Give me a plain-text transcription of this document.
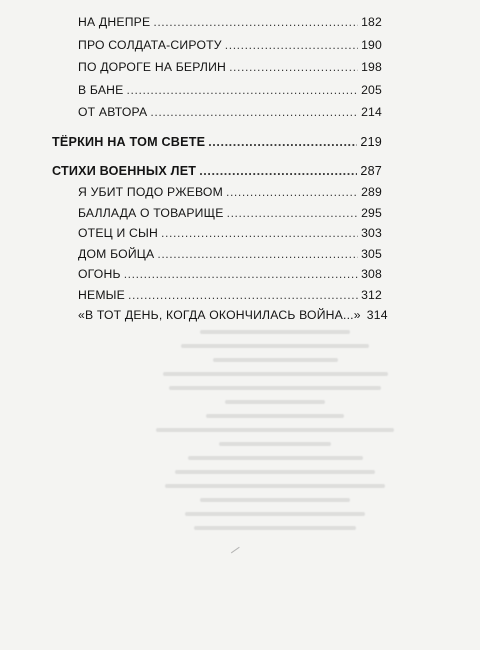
НА ДНЕПРЕ .....	182
ПРО СОЛДАТА-СИРОТУ .....	190
ПО ДОРОГЕ НА БЕРЛИН .....	198
В БАНЕ .....	205
ОТ АВТОРА .....	214
ТЁРКИН НА ТОМ СВЕТЕ .....	219
СТИХИ ВОЕННЫХ ЛЕТ .....	287
Я УБИТ ПОДО РЖЕВОМ .....	289
БАЛЛАДА О ТОВАРИЩЕ .....	295
ОТЕЦ И СЫН .....	303
ДОМ БОЙЦА .....	305
ОГОНЬ .....	308
НЕМЫЕ .....	312
«В ТОТ ДЕНЬ, КОГДА ОКОНЧИЛАСЬ ВОЙНА...» 314
